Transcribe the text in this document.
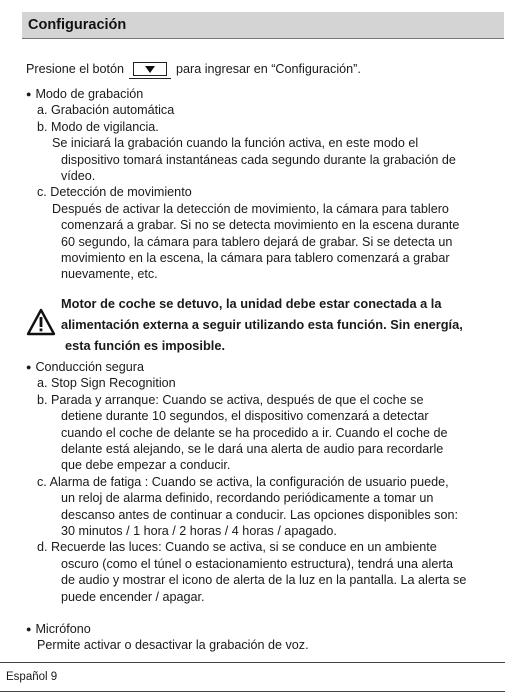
Configuración
Presione el botón	para ingresar en “Configuración”.
● Modo de grabación
a. Grabación automática
b. Modo de vigilancia.
Se iniciará la grabación cuando la función activa, en este modo el
dispositivo tomará instantáneas cada segundo durante la grabación de
vídeo.
c. Detección de movimiento
Después de activar la detección de movimiento, la cámara para tablero
comenzará a grabar. Si no se detecta movimiento en la escena durante
60 segundo, la cámara para tablero dejará de grabar. Si se detecta un
movimiento en la escena, la cámara para tablero comenzará a grabar
nuevamente, etc.
Motor de coche se detuvo, la unidad debe estar conectada a la
alimentación externa a seguir utilizando esta función. Sin energía,
esta función es imposible.
● Conducción segura
a. Stop Sign Recognition
b. Parada y arranque: Cuando se activa, después de que el coche se
detiene durante 10 segundos, el dispositivo comenzará a detectar
cuando el coche de delante se ha procedido a ir. Cuando el coche de
delante está alejando, se le dará una alerta de audio para recordarle
que debe empezar a conducir.
c. Alarma de fatiga : Cuando se activa, la configuración de usuario puede,
un reloj de alarma definido, recordando periódicamente a tomar un
descanso antes de continuar a conducir. Las opciones disponibles son:
30 minutos / 1 hora / 2 horas / 4 horas / apagado.
d. Recuerde las luces: Cuando se activa, si se conduce en un ambiente
oscuro (como el túnel o estacionamiento estructura), tendrá una alerta
de audio y mostrar el icono de alerta de la luz en la pantalla. La alerta se
puede encender / apagar.
● Micrófono
Permite activar o desactivar la grabación de voz.
Español 9
